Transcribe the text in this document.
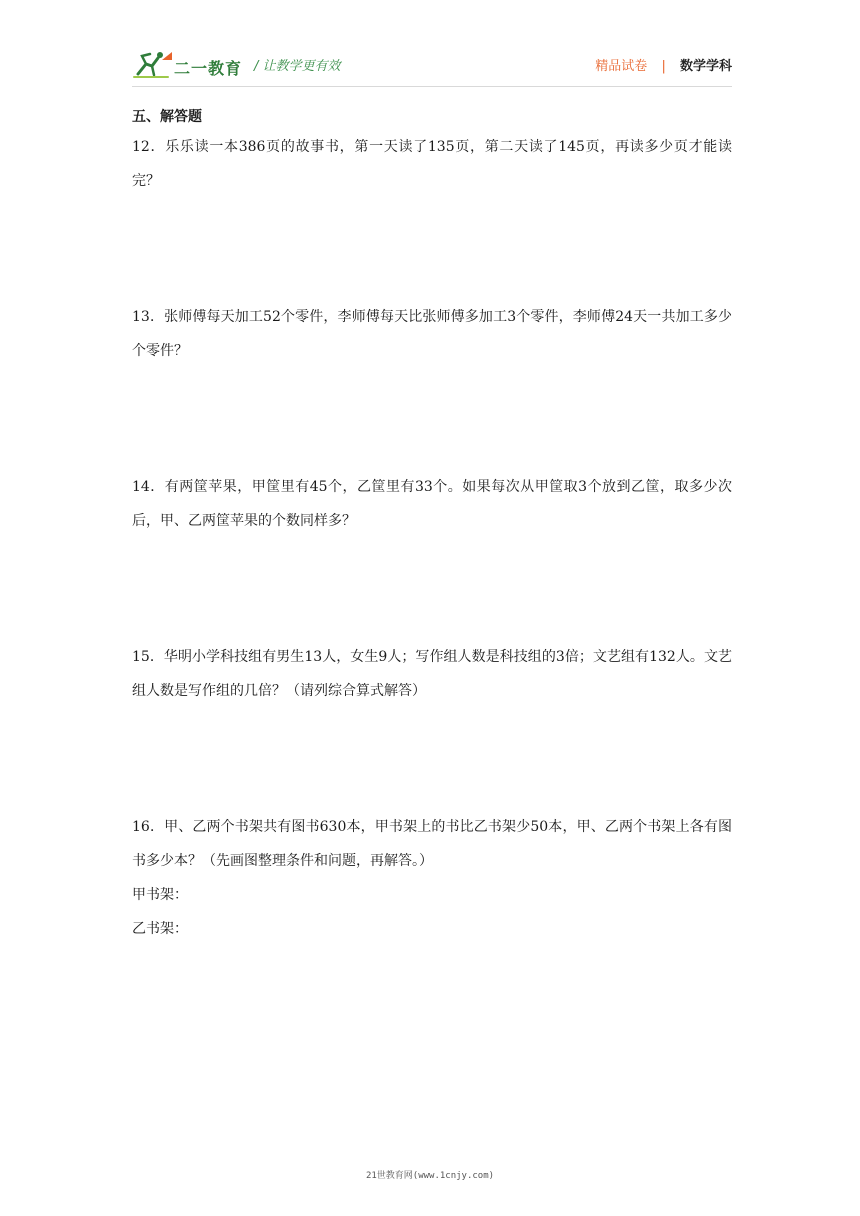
二一教育 / 让教学更有效	精品试卷 | 数学学科

五、解答题

12．乐乐读一本386页的故事书，第一天读了135页，第二天读了145页，再读多少页才能读完？

13．张师傅每天加工52个零件，李师傅每天比张师傅多加工3个零件，李师傅24天一共加工多少个零件？

14．有两筐苹果，甲筐里有45个，乙筐里有33个。如果每次从甲筐取3个放到乙筐，取多少次后，甲、乙两筐苹果的个数同样多？

15．华明小学科技组有男生13人，女生9人；写作组人数是科技组的3倍；文艺组有132人。文艺组人数是写作组的几倍？（请列综合算式解答）

16．甲、乙两个书架共有图书630本，甲书架上的书比乙书架少50本，甲、乙两个书架上各有图书多少本？（先画图整理条件和问题，再解答。）

甲书架：

乙书架：

21世教育网(www.1cnjy.com)
